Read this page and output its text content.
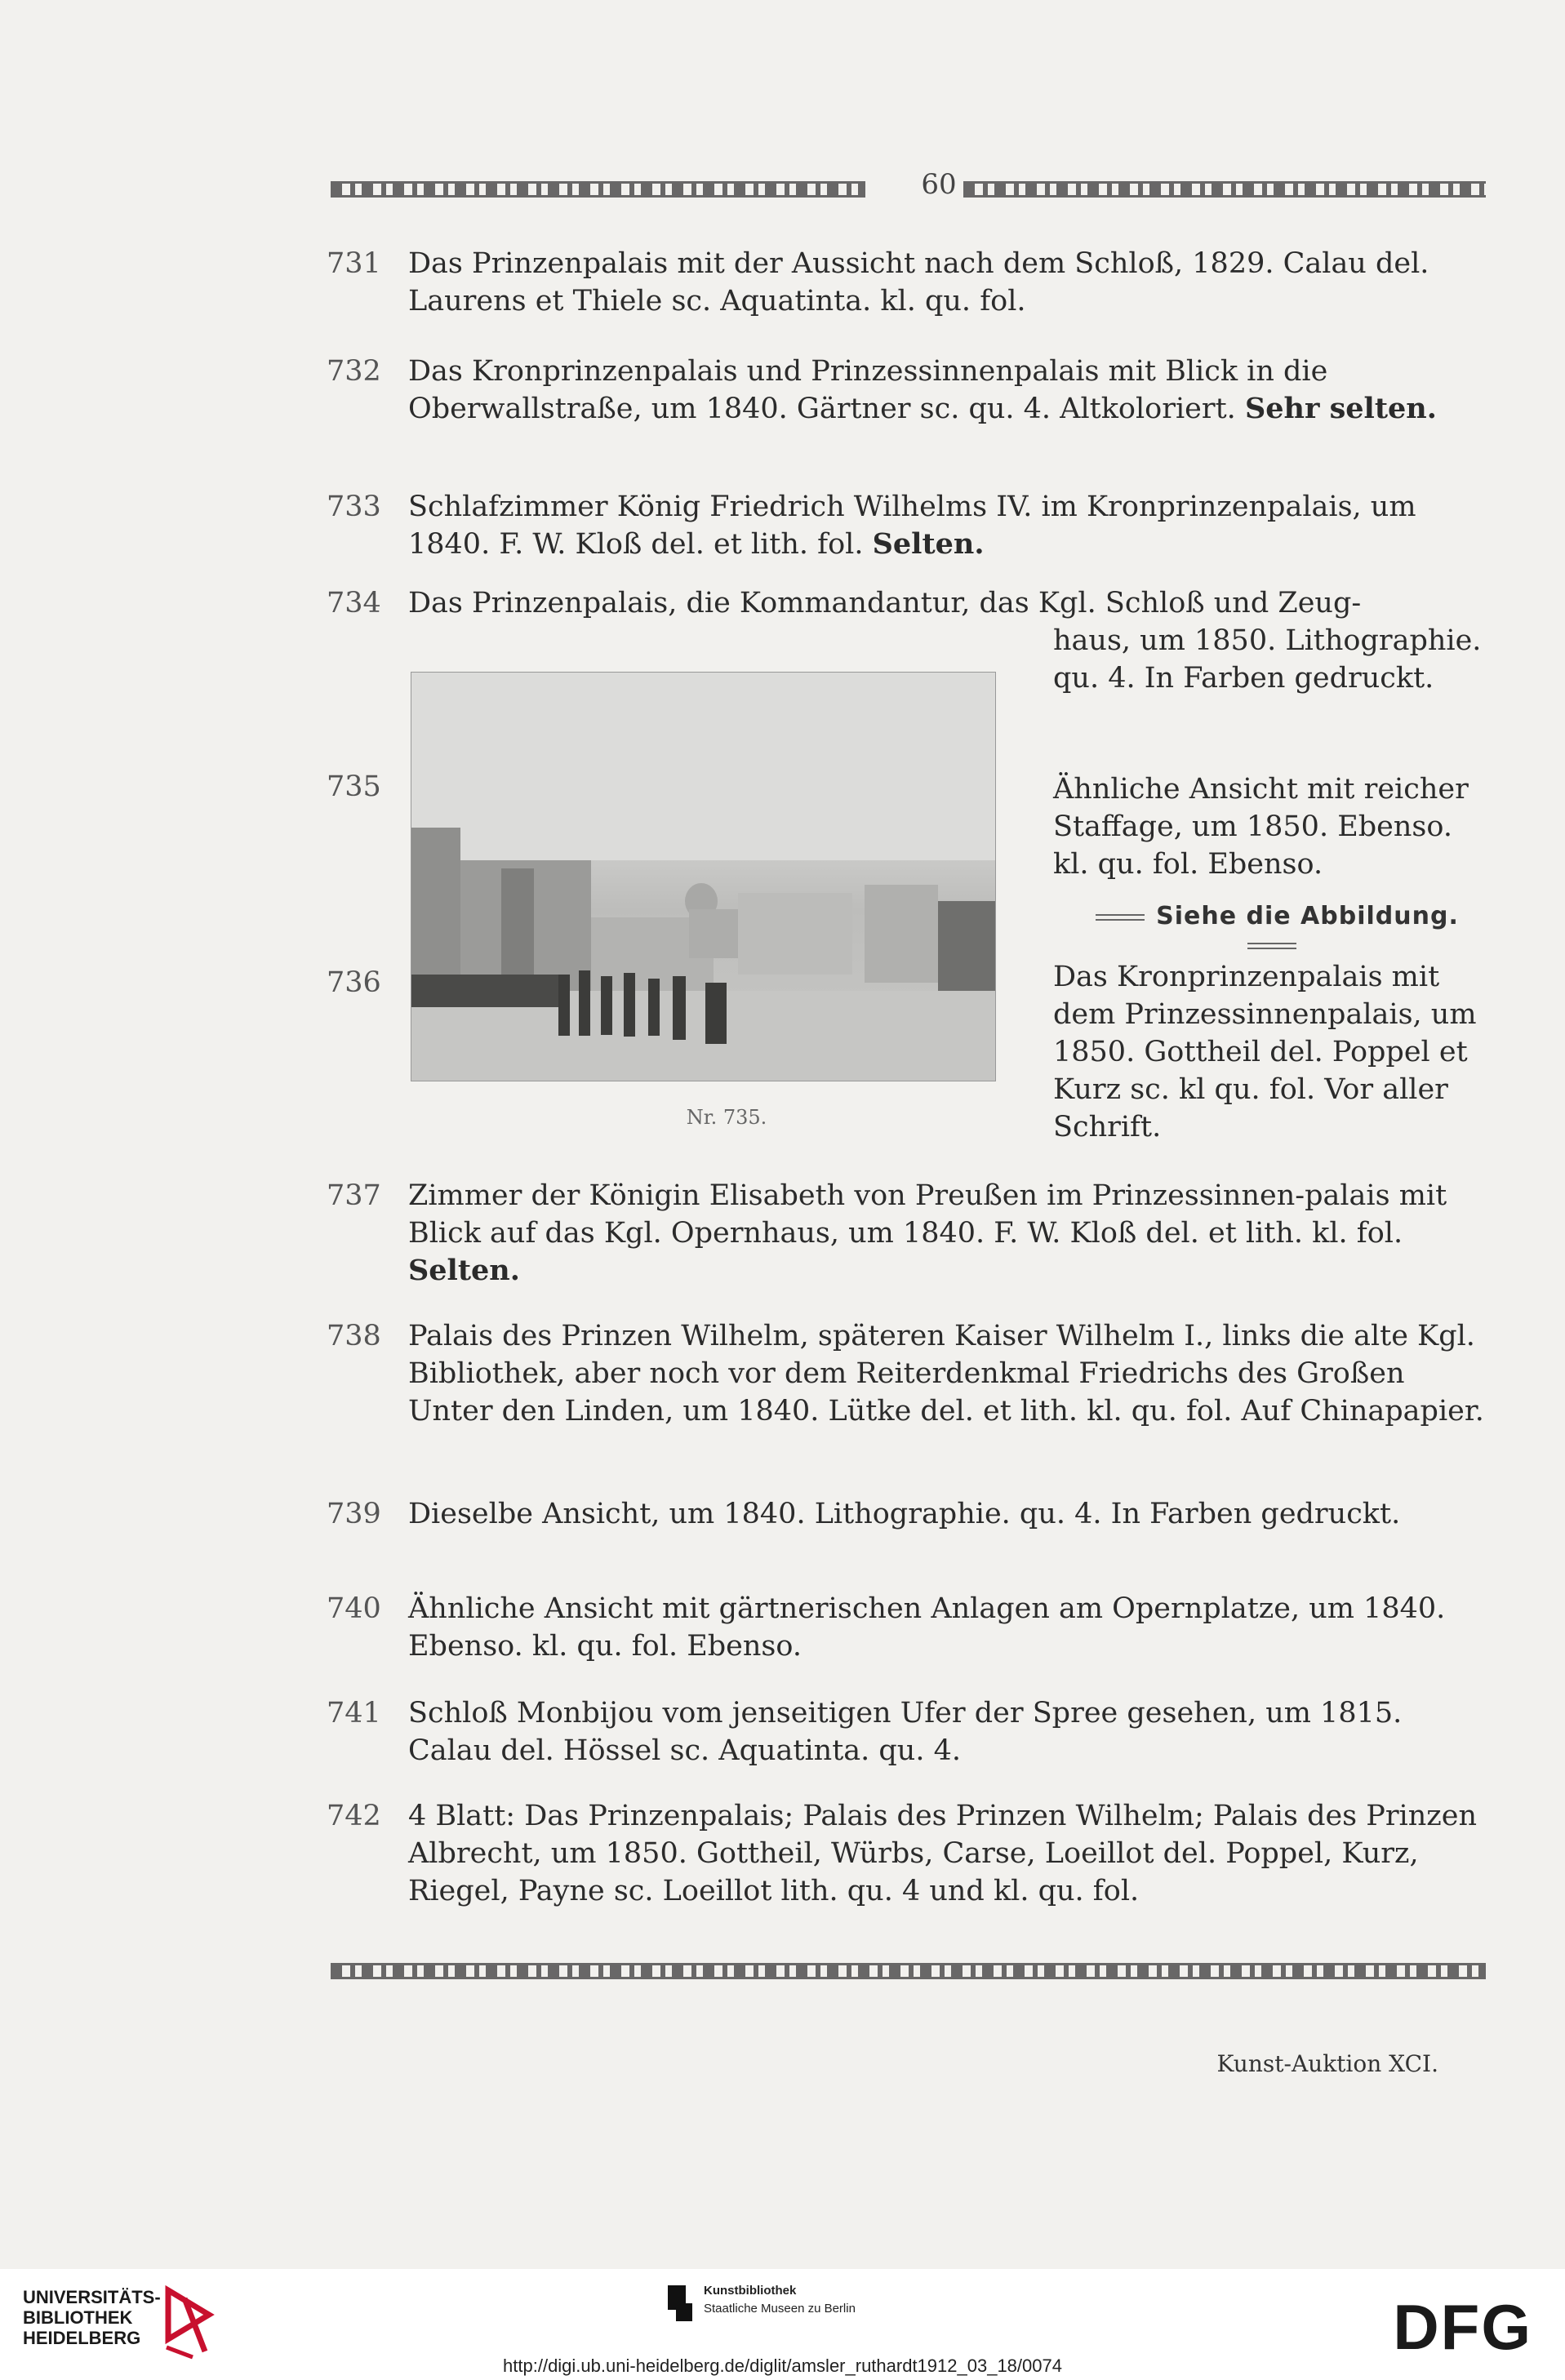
60
731 Das Prinzenpalais mit der Aussicht nach dem Schloß, 1829. Calau del. Laurens et Thiele sc. Aquatinta. kl. qu. fol.
732 Das Kronprinzenpalais und Prinzessinnenpalais mit Blick in die Oberwallstraße, um 1840. Gärtner sc. qu. 4. Altkoloriert. Sehr selten.
733 Schlafzimmer König Friedrich Wilhelms IV. im Kronprinzenpalais, um 1840. F. W. Kloß del. et lith. fol. Selten.
734 Das Prinzenpalais, die Kommandantur, das Kgl. Schloß und Zeug-
haus, um 1850. Lithographie. qu. 4. In Farben gedruckt.
Nr. 735.
735	Ähnliche Ansicht mit reicher Staffage, um 1850. Ebenso. kl. qu. fol. Ebenso.
Siehe die Abbildung.
736	Das Kronprinzenpalais mit dem Prinzessinnenpalais, um 1850. Gottheil del. Poppel et Kurz sc. kl qu. fol. Vor aller Schrift.
737 Zimmer der Königin Elisabeth von Preußen im Prinzessinnen-palais mit Blick auf das Kgl. Opernhaus, um 1840. F. W. Kloß del. et lith. kl. fol. Selten.
738 Palais des Prinzen Wilhelm, späteren Kaiser Wilhelm I., links die alte Kgl. Bibliothek, aber noch vor dem Reiterdenkmal Friedrichs des Großen Unter den Linden, um 1840. Lütke del. et lith. kl. qu. fol. Auf Chinapapier.
739 Dieselbe Ansicht, um 1840. Lithographie. qu. 4. In Farben gedruckt.
740 Ähnliche Ansicht mit gärtnerischen Anlagen am Opernplatze, um 1840. Ebenso. kl. qu. fol. Ebenso.
741 Schloß Monbijou vom jenseitigen Ufer der Spree gesehen, um 1815. Calau del. Hössel sc. Aquatinta. qu. 4.
742 4 Blatt: Das Prinzenpalais; Palais des Prinzen Wilhelm; Palais des Prinzen Albrecht, um 1850. Gottheil, Würbs, Carse, Loeillot del. Poppel, Kurz, Riegel, Payne sc. Loeillot lith. qu. 4 und kl. qu. fol.
Kunst-Auktion XCI.
UNIVERSITÄTS-
BIBLIOTHEK
HEIDELBERG
Kunstbibliothek
Staatliche Museen zu Berlin	DFG
http://digi.ub.uni-heidelberg.de/diglit/amsler_ruthardt1912_03_18/0074
